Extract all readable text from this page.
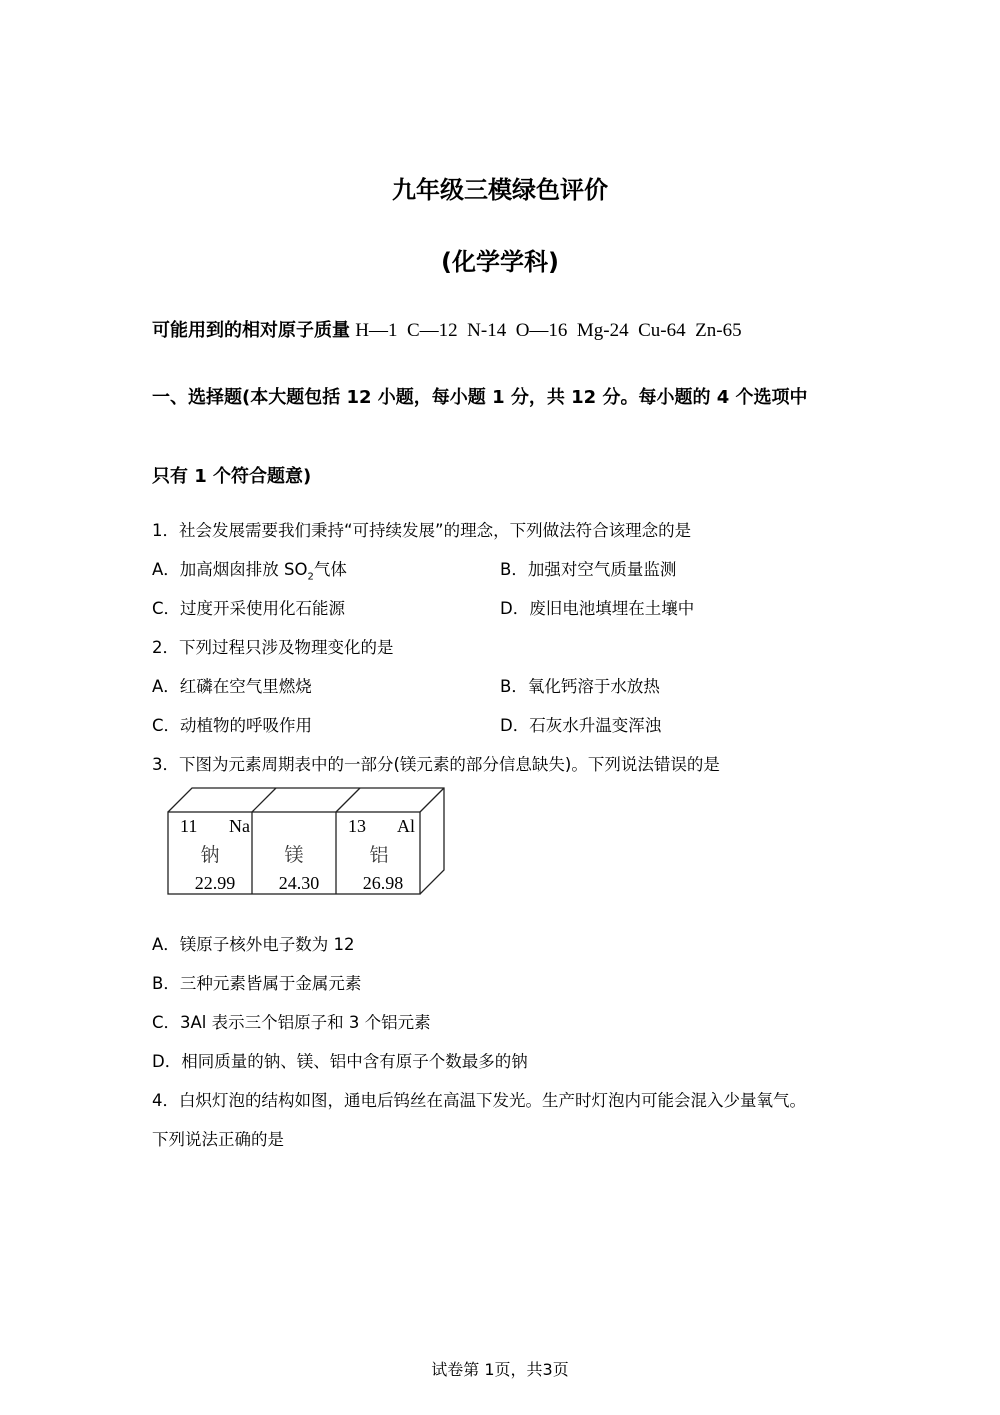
九年级三模绿色评价
(化学学科)
可能用到的相对原子质量 H—1  C—12  N-14  O—16  Mg-24  Cu-64  Zn-65
一、选择题(本大题包括 12 小题，每小题 1 分，共 12 分。每小题的 4 个选项中
只有 1 个符合题意)
1．社会发展需要我们秉持“可持续发展”的理念，下列做法符合该理念的是
A．加高烟囱排放 $SO_2$气体	B．加强对空气质量监测
C．过度开采使用化石能源	D．废旧电池填埋在土壤中
2．下列过程只涉及物理变化的是
A．红磷在空气里燃烧	B．氧化钙溶于水放热
C．动植物的呼吸作用	D．石灰水升温变浑浊
3．下图为元素周期表中的一部分(镁元素的部分信息缺失)。下列说法错误的是
11 Na
钠
22.99
镁
24.30
13 Al
铝
26.98
A．镁原子核外电子数为 12
B．三种元素皆属于金属元素
C．3Al 表示三个铝原子和 3 个铝元素
D．相同质量的钠、镁、铝中含有原子个数最多的钠
4．白炽灯泡的结构如图，通电后钨丝在高温下发光。生产时灯泡内可能会混入少量氧气。
下列说法正确的是
试卷第 1页，共3页
